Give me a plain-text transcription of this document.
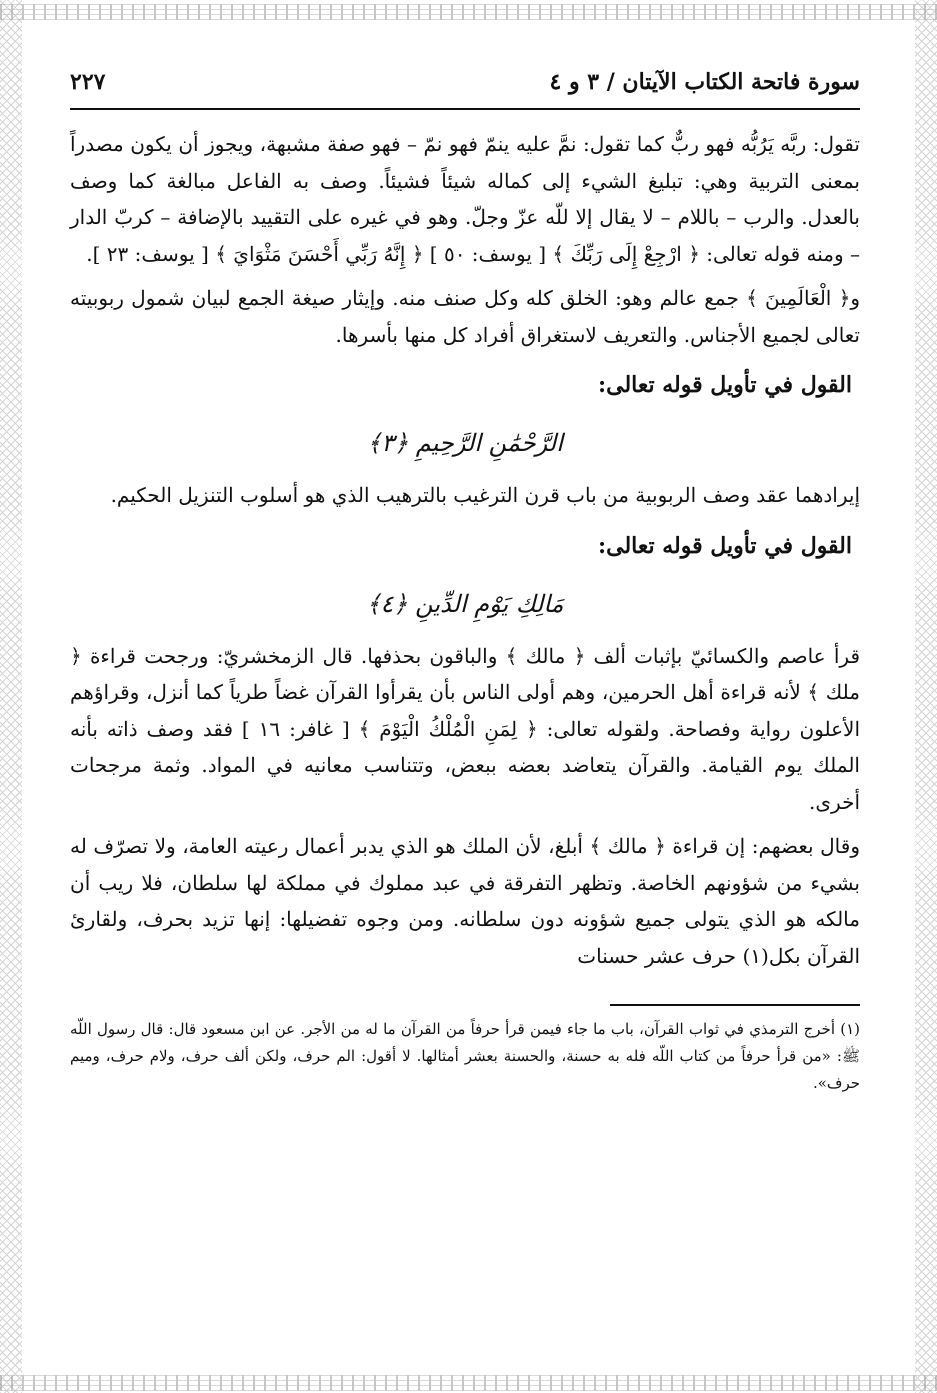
٢٢٧	سورة فاتحة الكتاب الآيتان / ٣ و ٤

تقول: ربَّه يَرُبُّه فهو ربٌّ كما تقول: نمَّ عليه ينمّ فهو نمّ – فهو صفة مشبهة، ويجوز أن يكون مصدراً بمعنى التربية وهي: تبليغ الشيء إلى كماله شيئاً فشيئاً. وصف به الفاعل مبالغة كما وصف بالعدل. والرب – باللام – لا يقال إلا للّه عزّ وجلّ. وهو في غيره على التقييد بالإضافة – كربّ الدار – ومنه قوله تعالى: ﴿ ارْجِعْ إِلَى رَبِّكَ ﴾ [ يوسف: ٥٠ ] ﴿ إِنَّهُ رَبِّي أَحْسَنَ مَثْوَايَ ﴾ [ يوسف: ٢٣ ].

و﴿ الْعَالَمِينَ ﴾ جمع عالم وهو: الخلق كله وكل صنف منه. وإيثار صيغة الجمع لبيان شمول ربوبيته تعالى لجميع الأجناس. والتعريف لاستغراق أفراد كل منها بأسرها.

القول في تأويل قوله تعالى:
الرَّحْمَٰنِ الرَّحِيمِ ﴿٣﴾

إيرادهما عقد وصف الربوبية من باب قرن الترغيب بالترهيب الذي هو أسلوب التنزيل الحكيم.

القول في تأويل قوله تعالى:
مَالِكِ يَوْمِ الدِّينِ ﴿٤﴾

قرأ عاصم والكسائيّ بإثبات ألف ﴿ مالك ﴾ والباقون بحذفها. قال الزمخشريّ: ورجحت قراءة ﴿ ملك ﴾ لأنه قراءة أهل الحرمين، وهم أولى الناس بأن يقرأوا القرآن غضاً طرياً كما أنزل، وقراؤهم الأعلون رواية وفصاحة. ولقوله تعالى: ﴿ لِمَنِ الْمُلْكُ الْيَوْمَ ﴾ [ غافر: ١٦ ] فقد وصف ذاته بأنه الملك يوم القيامة. والقرآن يتعاضد بعضه ببعض، وتتناسب معانيه في المواد. وثمة مرجحات أخرى.

وقال بعضهم: إن قراءة ﴿ مالك ﴾ أبلغ، لأن الملك هو الذي يدبر أعمال رعيته العامة، ولا تصرّف له بشيء من شؤونهم الخاصة. وتظهر التفرقة في عبد مملوك في مملكة لها سلطان، فلا ريب أن مالكه هو الذي يتولى جميع شؤونه دون سلطانه. ومن وجوه تفضيلها: إنها تزيد بحرف، ولقارئ القرآن بكل(١) حرف عشر حسنات

(١) أخرج الترمذي في ثواب القرآن، باب ما جاء فيمن قرأ حرفاً من القرآن ما له من الأجر. عن ابن مسعود قال: قال رسول اللّه ﷺ: «من قرأ حرفاً من كتاب اللّه فله به حسنة، والحسنة بعشر أمثالها. لا أقول: الم حرف، ولكن ألف حرف، ولام حرف، وميم حرف».
